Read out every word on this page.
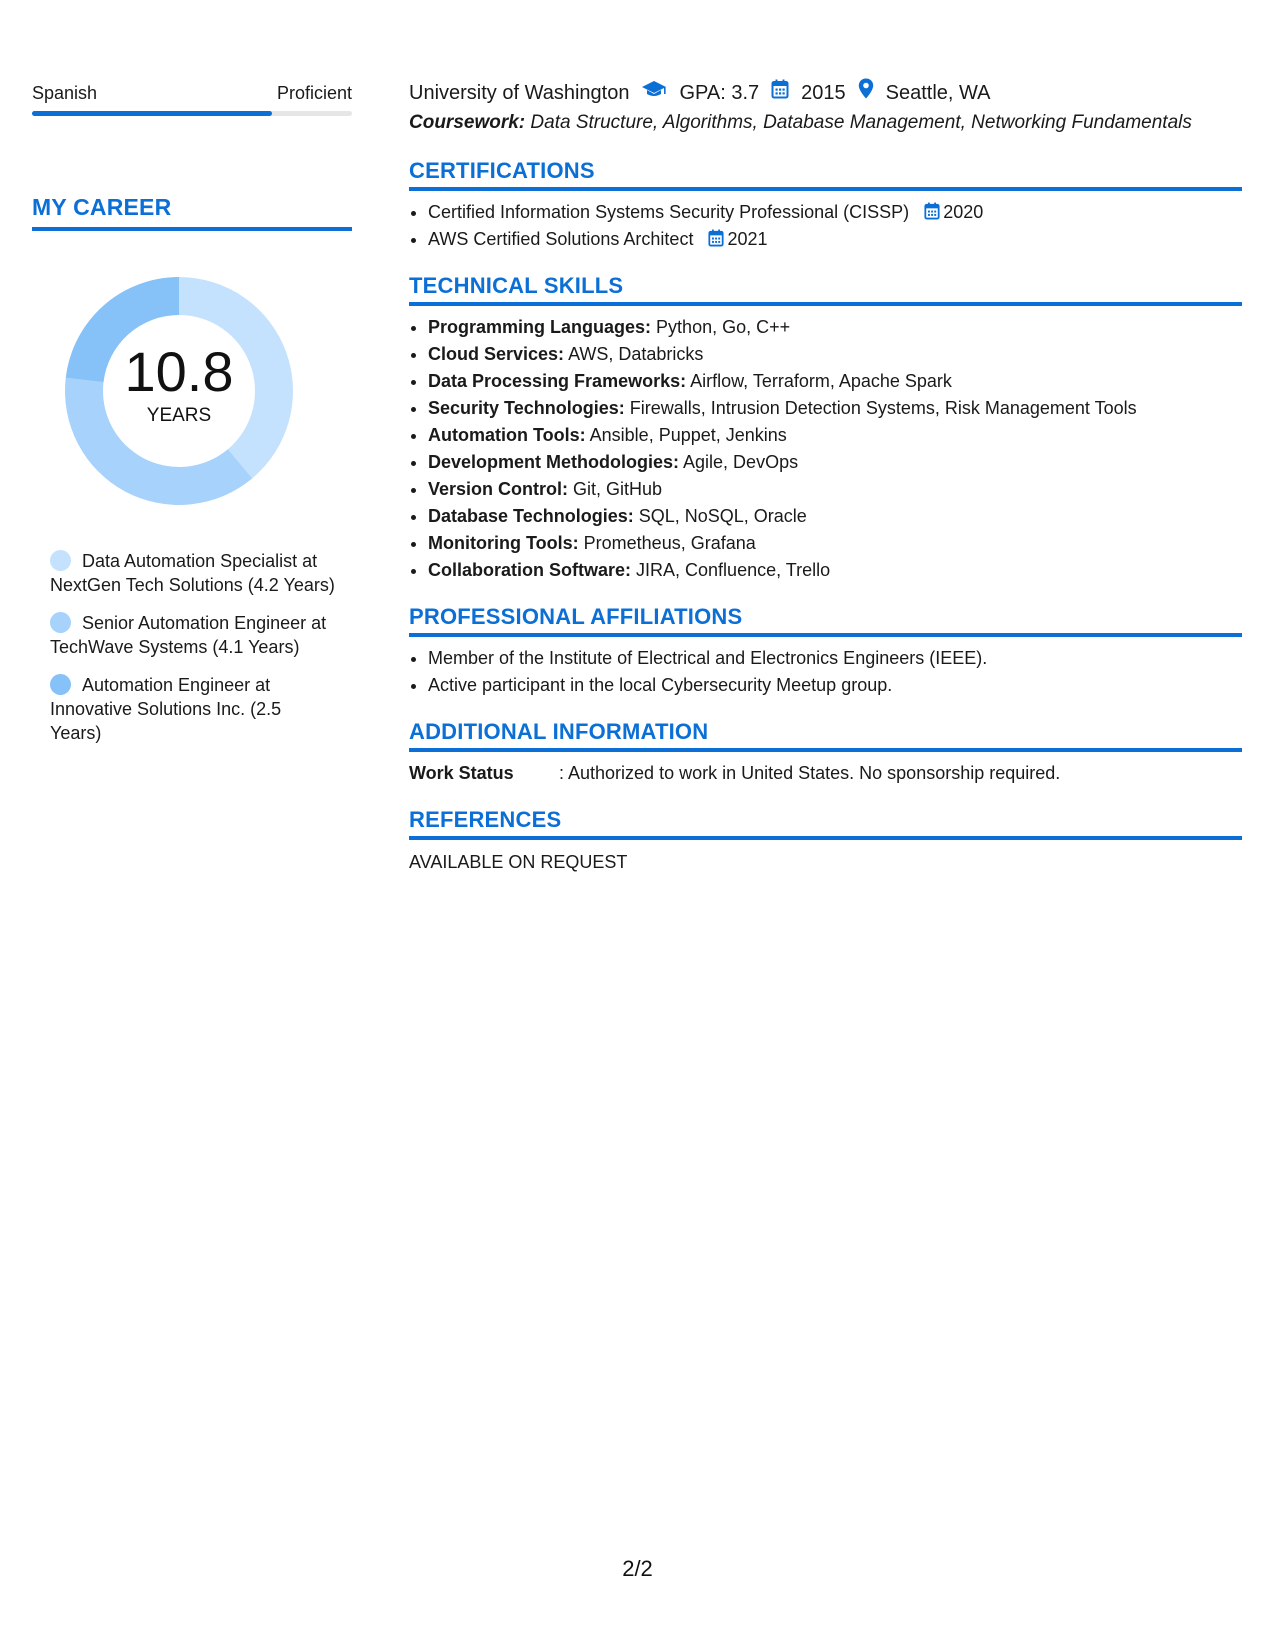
Spanish	Proficient
MY CAREER
10.8
YEARS
Data Automation Specialist at NextGen Tech Solutions (4.2 Years)
Senior Automation Engineer at TechWave Systems (4.1 Years)
Automation Engineer at Innovative Solutions Inc. (2.5 Years)
University of Washington	GPA: 3.7 2015 Seattle, WA
Coursework: Data Structure, Algorithms, Database Management, Networking Fundamentals
CERTIFICATIONS
• Certified Information Systems Security Professional (CISSP) 2020
• AWS Certified Solutions Architect 2021
TECHNICAL SKILLS
• Programming Languages: Python, Go, C++
• Cloud Services: AWS, Databricks
• Data Processing Frameworks: Airflow, Terraform, Apache Spark
• Security Technologies: Firewalls, Intrusion Detection Systems, Risk Management Tools
• Automation Tools: Ansible, Puppet, Jenkins
• Development Methodologies: Agile, DevOps
• Version Control: Git, GitHub
• Database Technologies: SQL, NoSQL, Oracle
• Monitoring Tools: Prometheus, Grafana
• Collaboration Software: JIRA, Confluence, Trello
PROFESSIONAL AFFILIATIONS
• Member of the Institute of Electrical and Electronics Engineers (IEEE).
• Active participant in the local Cybersecurity Meetup group.
ADDITIONAL INFORMATION
Work Status	: Authorized to work in United States. No sponsorship required.
REFERENCES
AVAILABLE ON REQUEST
2/2
